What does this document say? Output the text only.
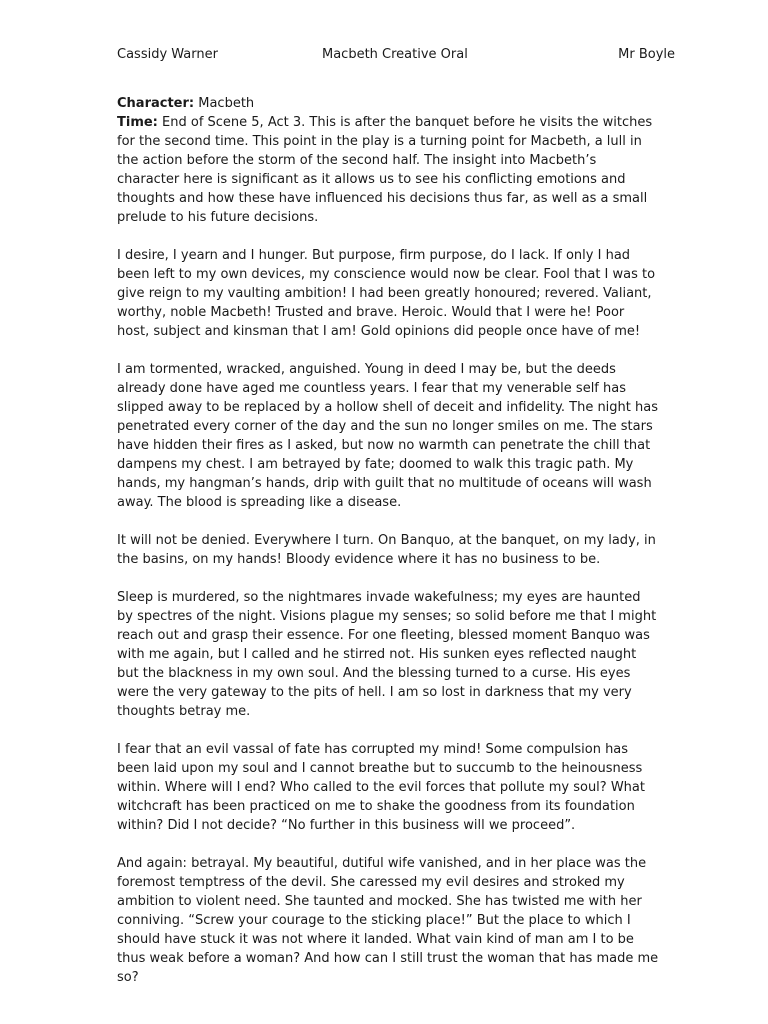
Cassidy Warner	Macbeth Creative Oral	Mr Boyle

Character: Macbeth

Time: End of Scene 5, Act 3. This is after the banquet before he visits the witches for the second time. This point in the play is a turning point for Macbeth, a lull in the action before the storm of the second half. The insight into Macbeth’s character here is significant as it allows us to see his conflicting emotions and thoughts and how these have influenced his decisions thus far, as well as a small prelude to his future decisions.

I desire, I yearn and I hunger. But purpose, firm purpose, do I lack. If only I had been left to my own devices, my conscience would now be clear. Fool that I was to give reign to my vaulting ambition! I had been greatly honoured; revered. Valiant, worthy, noble Macbeth! Trusted and brave. Heroic. Would that I were he! Poor host, subject and kinsman that I am! Gold opinions did people once have of me!

I am tormented, wracked, anguished. Young in deed I may be, but the deeds already done have aged me countless years. I fear that my venerable self has slipped away to be replaced by a hollow shell of deceit and infidelity. The night has penetrated every corner of the day and the sun no longer smiles on me. The stars have hidden their fires as I asked, but now no warmth can penetrate the chill that dampens my chest. I am betrayed by fate; doomed to walk this tragic path. My hands, my hangman’s hands, drip with guilt that no multitude of oceans will wash away. The blood is spreading like a disease.

It will not be denied. Everywhere I turn. On Banquo, at the banquet, on my lady, in the basins, on my hands! Bloody evidence where it has no business to be.

Sleep is murdered, so the nightmares invade wakefulness; my eyes are haunted by spectres of the night. Visions plague my senses; so solid before me that I might reach out and grasp their essence. For one fleeting, blessed moment Banquo was with me again, but I called and he stirred not. His sunken eyes reflected naught but the blackness in my own soul. And the blessing turned to a curse. His eyes were the very gateway to the pits of hell. I am so lost in darkness that my very thoughts betray me.

I fear that an evil vassal of fate has corrupted my mind! Some compulsion has been laid upon my soul and I cannot breathe but to succumb to the heinousness within. Where will I end? Who called to the evil forces that pollute my soul? What witchcraft has been practiced on me to shake the goodness from its foundation within? Did I not decide? “No further in this business will we proceed”.

And again: betrayal. My beautiful, dutiful wife vanished, and in her place was the foremost temptress of the devil. She caressed my evil desires and stroked my ambition to violent need. She taunted and mocked. She has twisted me with her conniving. “Screw your courage to the sticking place!” But the place to which I should have stuck it was not where it landed. What vain kind of man am I to be thus weak before a woman? And how can I still trust the woman that has made me so?
